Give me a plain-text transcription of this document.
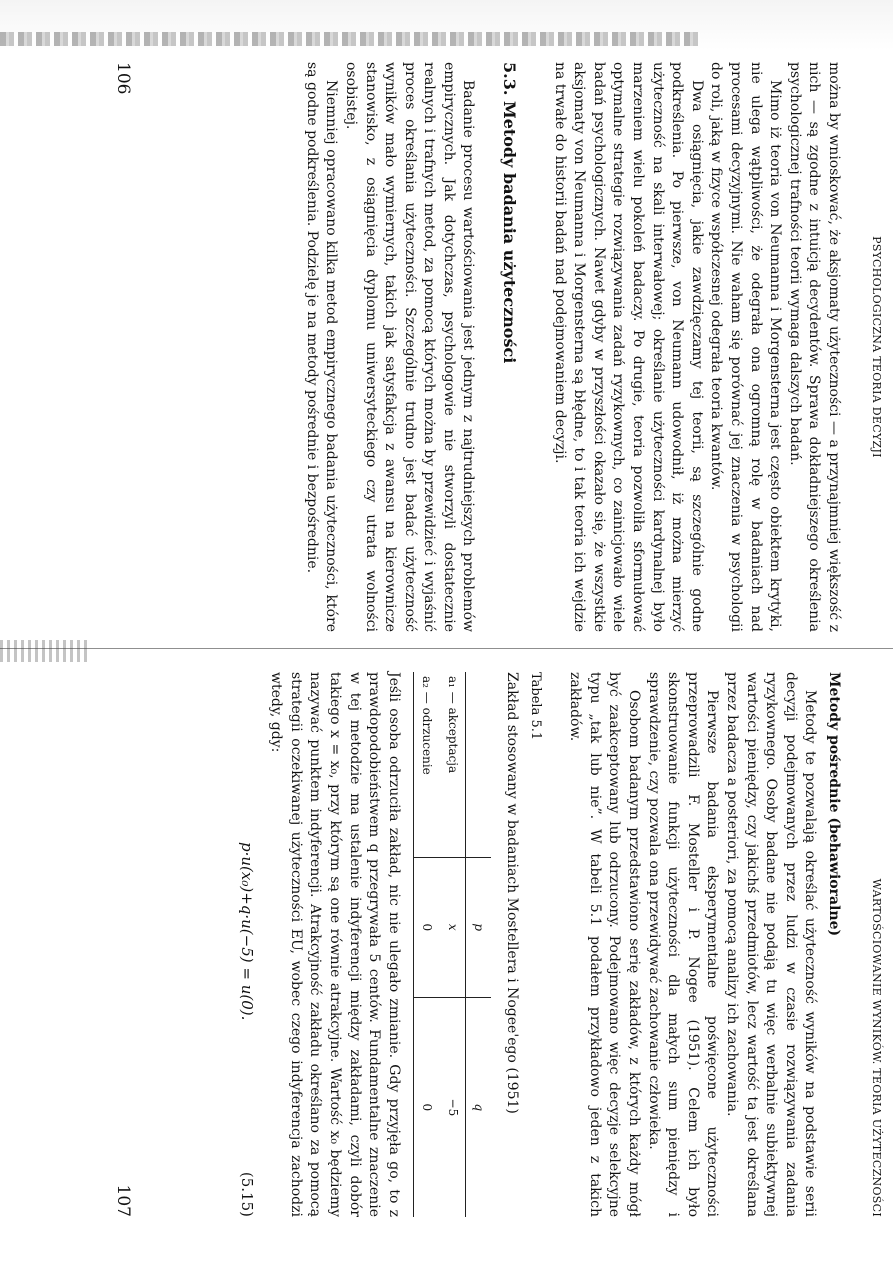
PSYCHOLOGICZNA TEORIA DECYZJI

można by wnioskować, że aksjomaty użyteczności — a przynajmniej większość z nich — są zgodne z intuicją decydentów. Sprawa dokładniejszego określenia psychologicznej trafności teorii wymaga dalszych badań.

Mimo iż teoria von Neumanna i Morgensterna jest często obiektem krytyki, nie ulega wątpliwości, że odegrała ona ogromną rolę w badaniach nad procesami decyzyjnymi. Nie waham się porównać jej znaczenia w psychologii do roli, jaką w fizyce współczesnej odegrała teoria kwantów.

Dwa osiągnięcia, jakie zawdzięczamy tej teorii, są szczególnie godne podkreślenia. Po pierwsze, von Neumann udowodnił, iż można mierzyć użyteczność na skali interwałowej; określanie użyteczności kardynalnej było marzeniem wielu pokoleń badaczy. Po drugie, teoria pozwoliła sformułować optymalne strategie rozwiązywania zadań ryzykownych, co zainicjowało wiele badań psychologicznych. Nawet gdyby w przyszłości okazało się, że wszystkie aksjomaty von Neumanna i Morgensterna są błędne, to i tak teoria ich wejdzie na trwałe do historii badań nad podejmowaniem decyzji.

5.3. Metody badania użyteczności

Badanie procesu wartościowania jest jednym z najtrudniejszych problemów empirycznych. Jak dotychczas, psychologowie nie stworzyli dostatecznie realnych i trafnych metod, za pomocą których można by przewidzieć i wyjaśnić proces określania użyteczności. Szczególnie trudno jest badać użyteczność wyników mało wymiernych, takich jak satysfakcja z awansu na kierownicze stanowisko, z osiągnięcia dyplomu uniwersyteckiego czy utrata wolności osobistej.

Niemniej opracowano kilka metod empirycznego badania użyteczności, które są godne podkreślenia. Podzielę je na metody pośrednie i bezpośrednie.

106
WARTOŚCIOWANIE WYNIKÓW. TEORIA UŻYTECZNOŚCI
Metody pośrednie (behawioralne)

Metody te pozwalają określać użyteczność wyników na podstawie serii decyzji podejmowanych przez ludzi w czasie rozwiązywania zadania ryzykownego. Osoby badane nie podają tu więc werbalnie subiektywnej wartości pieniędzy, czy jakichś przedmiotów, lecz wartość ta jest określana przez badacza a posteriori, za pomocą analizy ich zachowania.

Pierwsze badania eksperymentalne poświęcone użyteczności przeprowadzili F. Mosteller i P. Nogee (1951). Celem ich było skonstruowanie funkcji użyteczności dla małych sum pieniędzy i sprawdzenie, czy pozwala ona przewidywać zachowanie człowieka.

Osobom badanym przedstawiono serię zakładów, z których każdy mógł być zaakceptowany lub odrzucony. Podejmowano więc decyzje selekcyjne typu „tak lub nie”. W tabeli 5.1 podałem przykładowo jeden z takich zakładów.

Tabela 5.1
Zakład stosowany w badaniach Mostellera i Nogee'ego (1951)
	p	q
a₁ — akceptacja	x	−5
a₂ — odrzucenie	0	0

Jeśli osoba odrzuciła zakład, nic nie ulegało zmianie. Gdy przyjęła go, to z prawdopodobieństwem q przegrywała 5 centów. Fundamentalne znaczenie w tej metodzie ma ustalenie indyferencji między zakładami, czyli dobór takiego x = x₀, przy którym są one równie atrakcyjne. Wartość x₀ będziemy nazywać punktem indyferencji. Atrakcyjność zakładu określano za pomocą strategii oczekiwanej użyteczności EU, wobec czego indyferencja zachodzi wtedy, gdy:

p·u(x₀)+q·u(−5) = u(0).
(5.15)
107
